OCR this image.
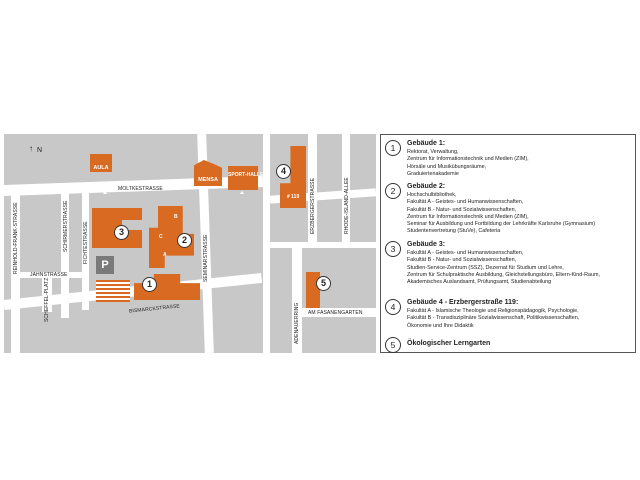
↑ N
AULA
MENSA
SPORT-HALLE
A
B
C
P
1
2
3
MOLTKESTRASSE
BISMARCKSTRASSE
JAHNSTRASSE
REINHOLD-FRANK-STRASSE	SCHIRMERSTRASSE	FICHTESTRASSE	SEMINARSTRASSE
SCHEFFEL-PLATZ
# 119
4
ERZBERGERSTRASSE	RHODE-ISLAND-ALLEE
5
AM FASANENGARTEN
ADENAUERRING
1	Gebäude 1:
Rektorat, Verwaltung,
Zentrum für Informationstechnik und Medien (ZIM),
Hörsäle und Musikübungsräume,
Graduiertenakademie
2	Gebäude 2:
Hochschulbibliothek,
Fakultät A - Geistes- und Humanwissenschaften,
Fakultät B - Natur- und Sozialwissenschaften,
Zentrum für Informationstechnik und Medien (ZIM),
Seminar für Ausbildung und Fortbildung der Lehrkräfte Karlsruhe (Gymnasium)
Studentenvertretung (StuVe), Cafeteria
3	Gebäude 3:
Fakultät A - Geistes- und Humanwissenschaften,
Fakultät B - Natur- und Sozialwissenschaften,
Studien-Service-Zentrum (SSZ), Dezernat für Studium und Lehre,
Zentrum für Schulpraktische Ausbildung, Gleichstellungsbüro, Eltern-Kind-Raum,
Akademisches Auslandsamt, Prüfungsamt, Studienabteilung
4	Gebäude 4 - Erzbergerstraße 119:
Fakultät A - Islamische Theologie und Religionspädagogik, Psychologie,
Fakultät B - Transdisziplinäre Sozialwissenschaft, Politikwissenschaften,
Ökonomie und Ihre Didaktik
5	Ökologischer Lerngarten
